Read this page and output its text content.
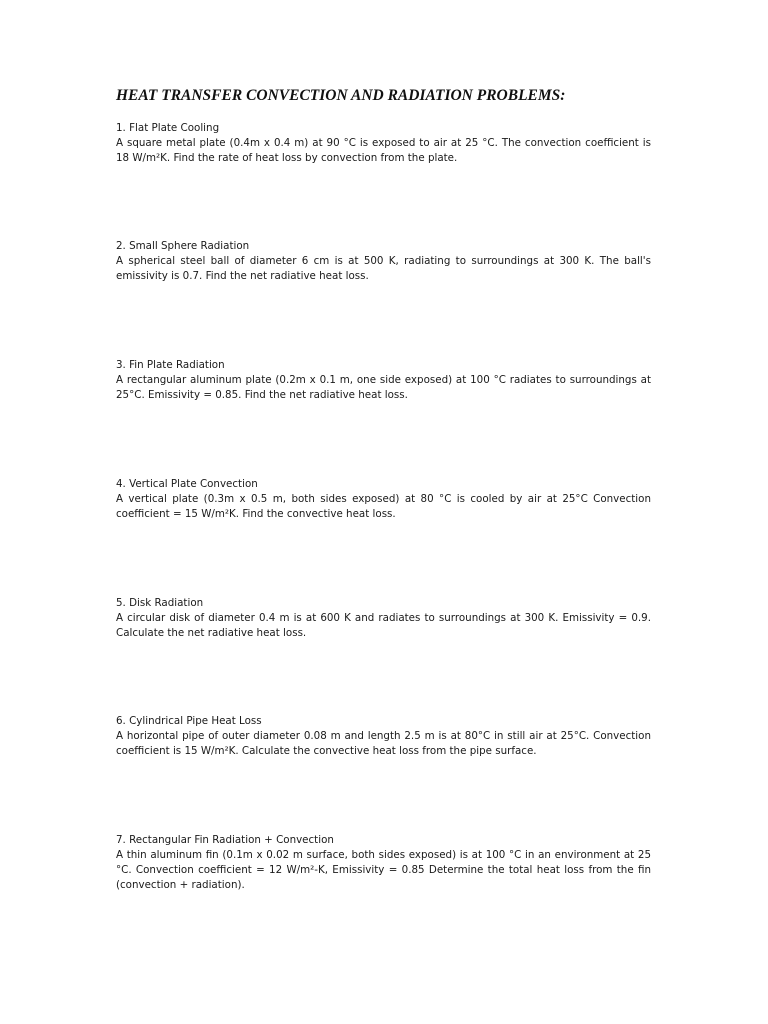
HEAT TRANSFER CONVECTION AND RADIATION PROBLEMS:
1. Flat Plate Cooling

A square metal plate (0.4m x 0.4 m) at 90 °C is exposed to air at 25 °C. The convection coefficient is 18 W/m²K. Find the rate of heat loss by convection from the plate.

2. Small Sphere Radiation

A spherical steel ball of diameter 6 cm is at 500 K, radiating to surroundings at 300 K. The ball's emissivity is 0.7. Find the net radiative heat loss.

3. Fin Plate Radiation

A rectangular aluminum plate (0.2m x 0.1 m, one side exposed) at 100 °C radiates to surroundings at 25°C. Emissivity = 0.85. Find the net radiative heat loss.

4. Vertical Plate Convection

A vertical plate (0.3m x 0.5 m, both sides exposed) at 80 °C is cooled by air at 25°C Convection coefficient = 15 W/m²K. Find the convective heat loss.

5. Disk Radiation

A circular disk of diameter 0.4 m is at 600 K and radiates to surroundings at 300 K. Emissivity = 0.9. Calculate the net radiative heat loss.

6. Cylindrical Pipe Heat Loss

A horizontal pipe of outer diameter 0.08 m and length 2.5 m is at 80°C in still air at 25°C. Convection coefficient is 15 W/m²K. Calculate the convective heat loss from the pipe surface.

7. Rectangular Fin Radiation + Convection

A thin aluminum fin (0.1m x 0.02 m surface, both sides exposed) is at 100 °C in an environment at 25 °C. Convection coefficient = 12 W/m²-K, Emissivity = 0.85 Determine the total heat loss from the fin (convection + radiation).
